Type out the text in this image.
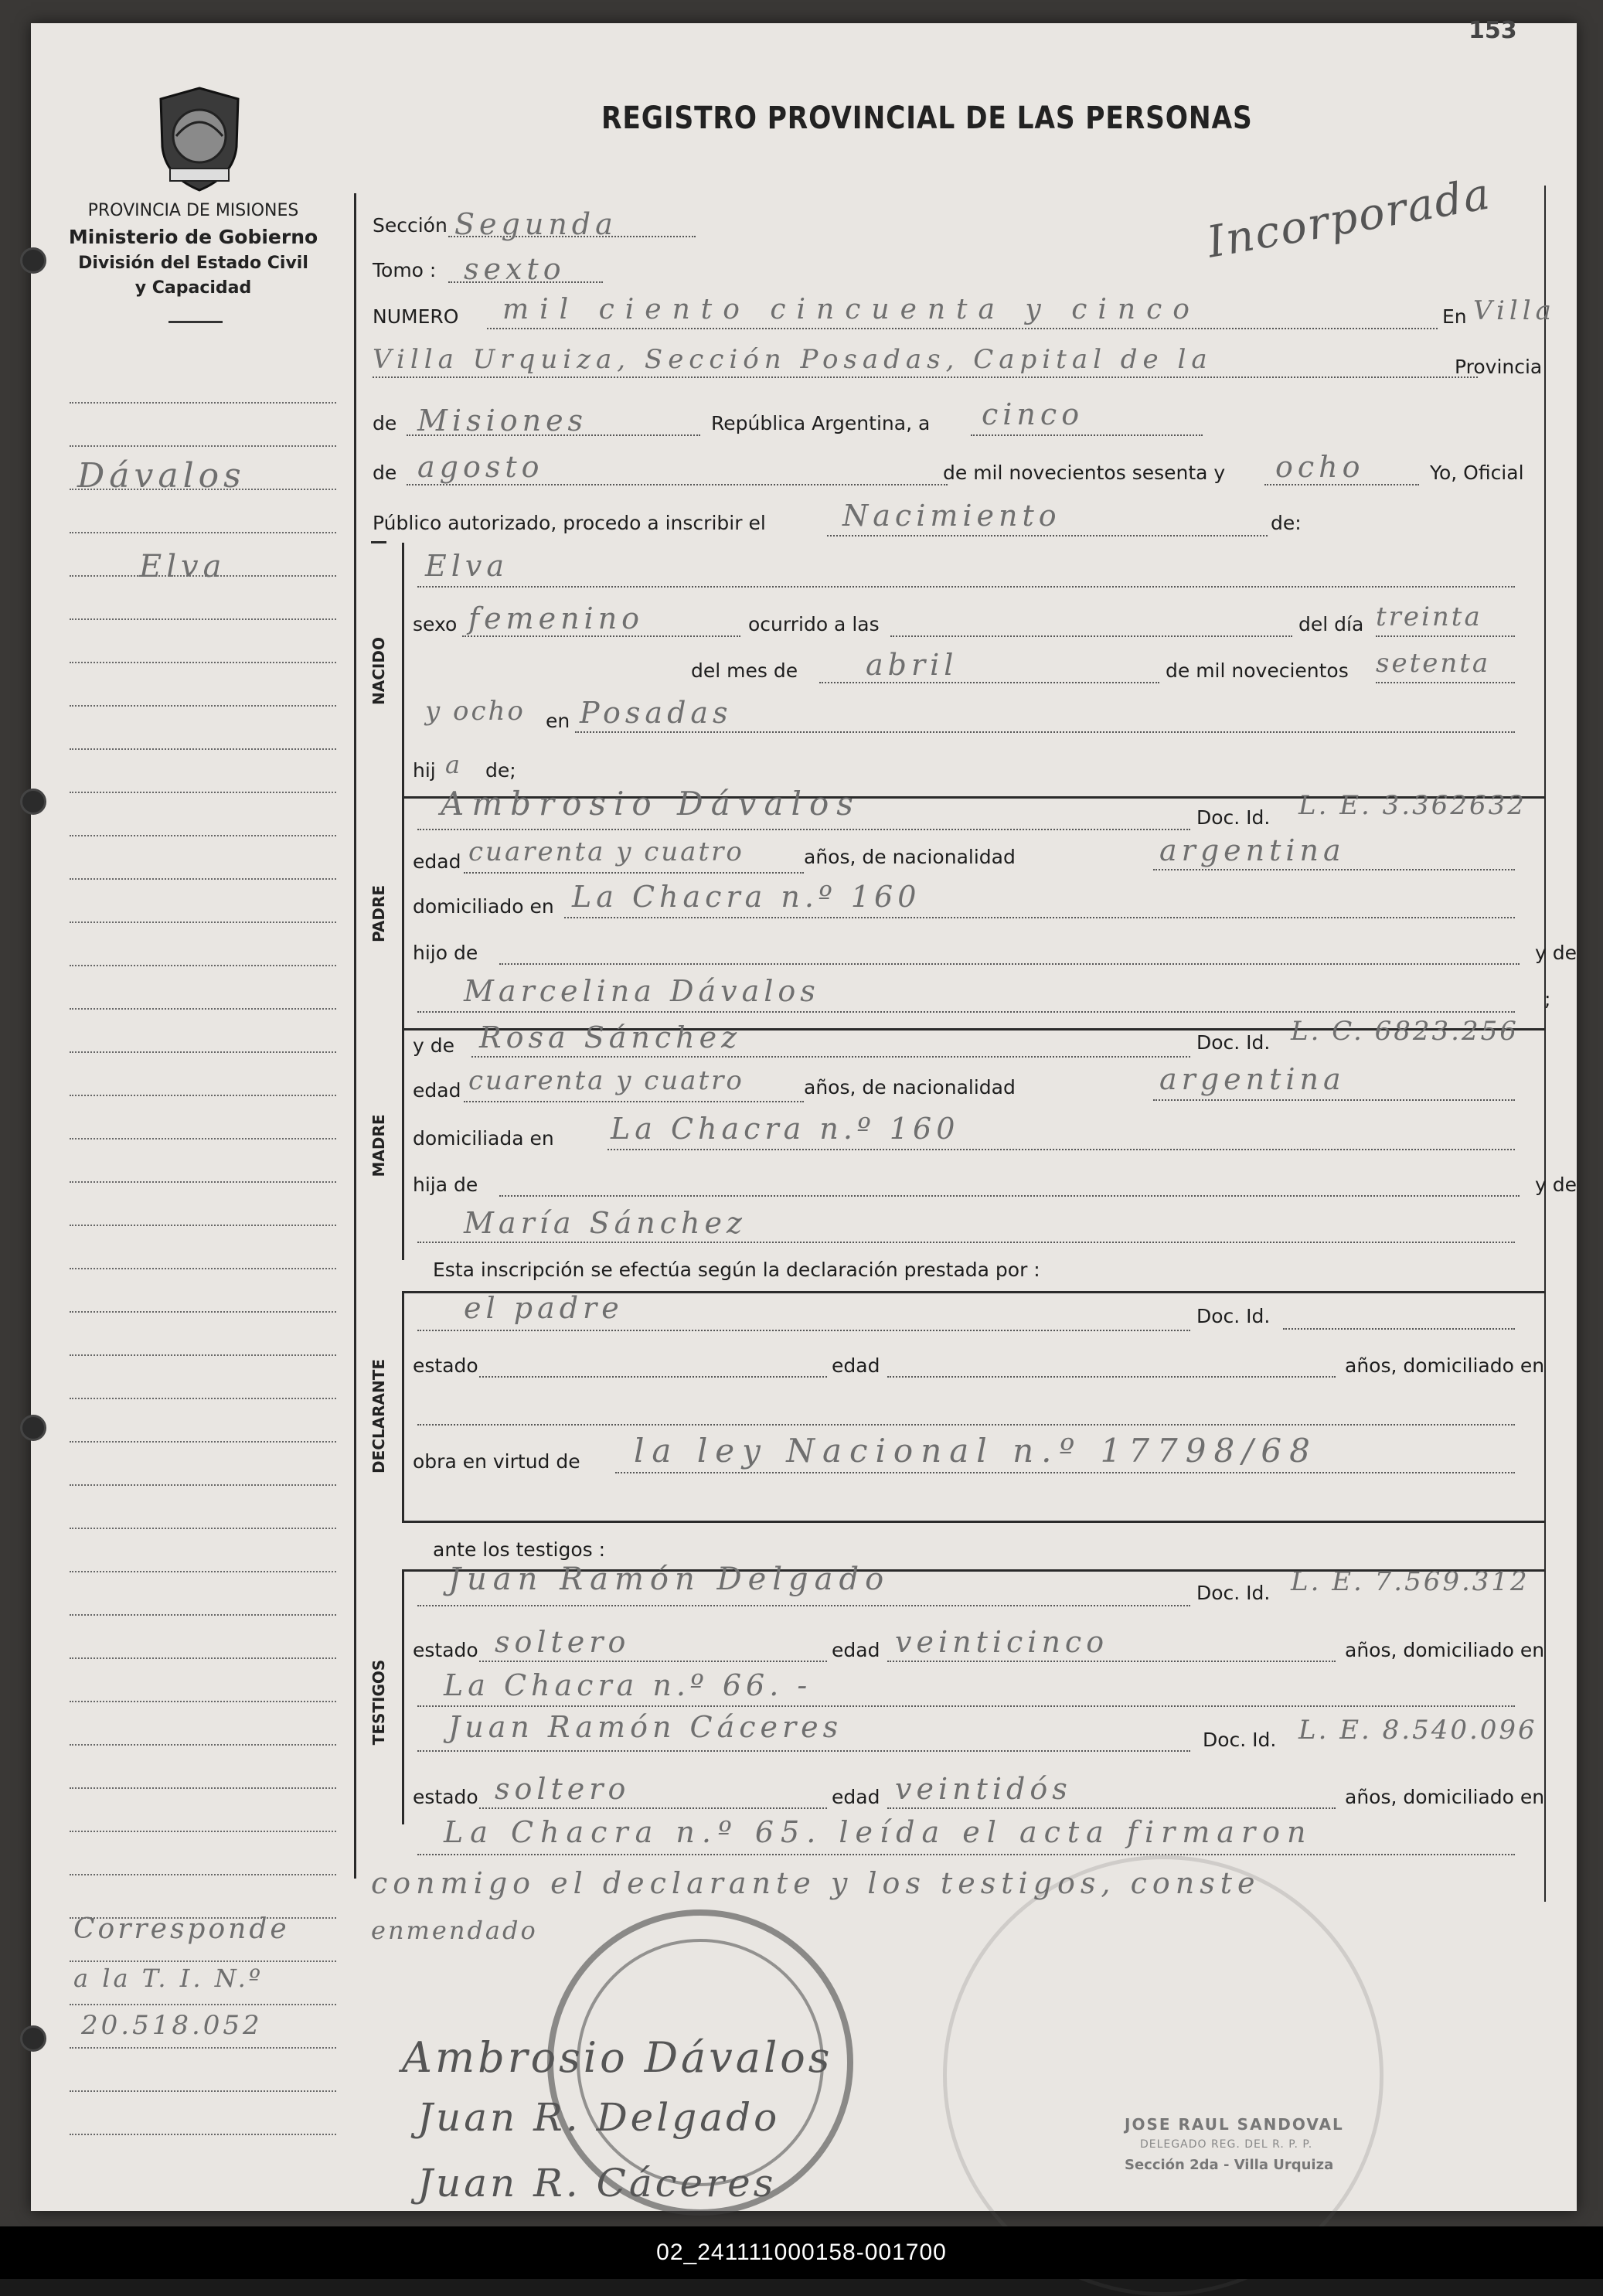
153
PROVINCIA DE MISIONES
Ministerio de Gobierno
División del Estado Civil
y Capacidad
REGISTRO PROVINCIAL DE LAS PERSONAS
Incorporada
Dávalos
Elva
Corresponde
a la T. I. N.º
20.518.052
Sección Segunda
Tomo : sexto
NUMERO mil ciento cincuenta y cinco	En Villa
Villa Urquiza, Sección Posadas, Capital de la	Provincia
de Misiones	República Argentina, a cinco
de agosto	de mil novecientos sesenta y ocho	Yo, Oficial
Público autorizado, procedo a inscribir el	Nacimiento	de:
NACIDO
Elva
sexo femenino	ocurrido a las	del día treinta
del mes de abril	de mil novecientos setenta
y ocho en Posadas
hij a de;
PADRE
Ambrosio Dávalos	Doc. Id. L. E. 3.362632
edad cuarenta y cuatro	años, de nacionalidad	argentina
domiciliado en La Chacra n.º 160
hijo de	y de
Marcelina Dávalos	;
MADRE
y de Rosa Sánchez	Doc. Id. L. C. 6823.256
edad cuarenta y cuatro	años, de nacionalidad	argentina
domiciliada en La Chacra n.º 160
hija de	y de
María Sánchez
Esta inscripción se efectúa según la declaración prestada por :
DECLARANTE
el padre	Doc. Id.
estado	edad	años, domiciliado en
obra en virtud de la ley Nacional n.º 17798/68
ante los testigos :
TESTIGOS
Juan Ramón Delgado	Doc. Id. L. E. 7.569.312
estado soltero	edad veinticinco	años, domiciliado en
La Chacra n.º 66. -
Juan Ramón Cáceres	Doc. Id. L. E. 8.540.096
estado soltero	edad veintidós	años, domiciliado en
La Chacra n.º 65. leída el acta firmaron
conmigo el declarante y los testigos, conste
enmendado
Ambrosio Dávalos
Juan R. Delgado
Juan R. Cáceres
JOSE RAUL SANDOVAL
DELEGADO REG. DEL R. P. P.
Sección 2da - Villa Urquiza
02_241111000158-001700
